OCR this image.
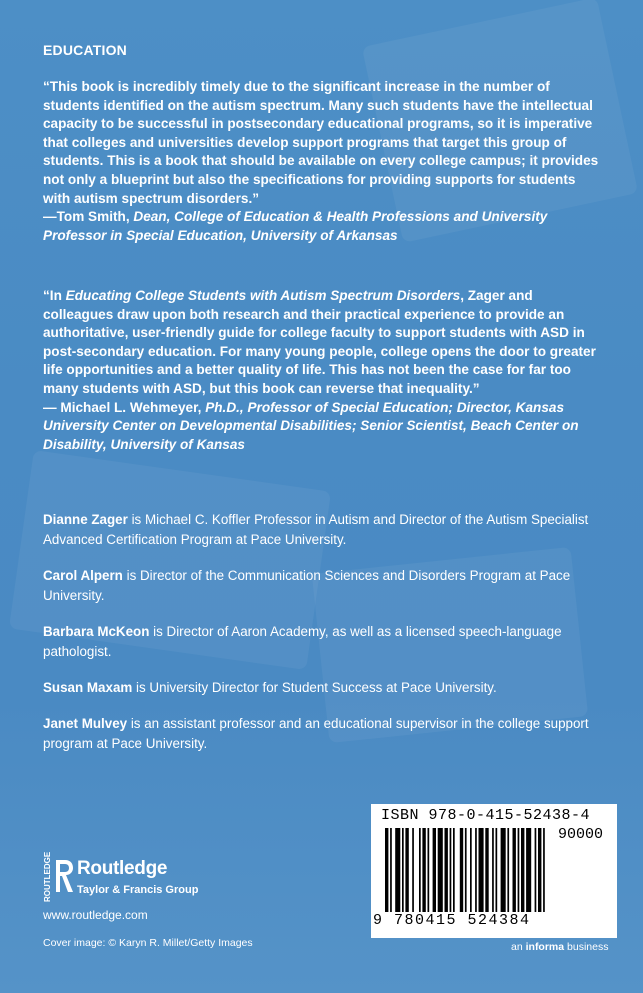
EDUCATION

“This book is incredibly timely due to the significant increase in the number of students identified on the autism spectrum. Many such students have the intellectual capacity to be successful in postsecondary educational programs, so it is imperative that colleges and universities develop support programs that target this group of students. This is a book that should be available on every college campus; it provides not only a blueprint but also the specifications for providing supports for students with autism spectrum disorders.”
—Tom Smith, Dean, College of Education & Health Professions and University Professor in Special Education, University of Arkansas

“In Educating College Students with Autism Spectrum Disorders, Zager and colleagues draw upon both research and their practical experience to provide an authoritative, user-friendly guide for college faculty to support students with ASD in post-secondary education. For many young people, college opens the door to greater life opportunities and a better quality of life. This has not been the case for far too many students with ASD, but this book can reverse that inequality.”
— Michael L. Wehmeyer, Ph.D., Professor of Special Education; Director, Kansas University Center on Developmental Disabilities; Senior Scientist, Beach Center on Disability, University of Kansas

Dianne Zager is Michael C. Koffler Professor in Autism and Director of the Autism Specialist Advanced Certification Program at Pace University.

Carol Alpern is Director of the Communication Sciences and Disorders Program at Pace University.

Barbara McKeon is Director of Aaron Academy, as well as a licensed speech-language pathologist.

Susan Maxam is University Director for Student Success at Pace University.

Janet Mulvey is an assistant professor and an educational supervisor in the college support program at Pace University.

ROUTLEDGE Routledge
Taylor & Francis Group
www.routledge.com
Cover image: © Karyn R. Millet/Getty Images
ISBN 978-0-415-52438-4
90000
9 780415 524384
an informa business
